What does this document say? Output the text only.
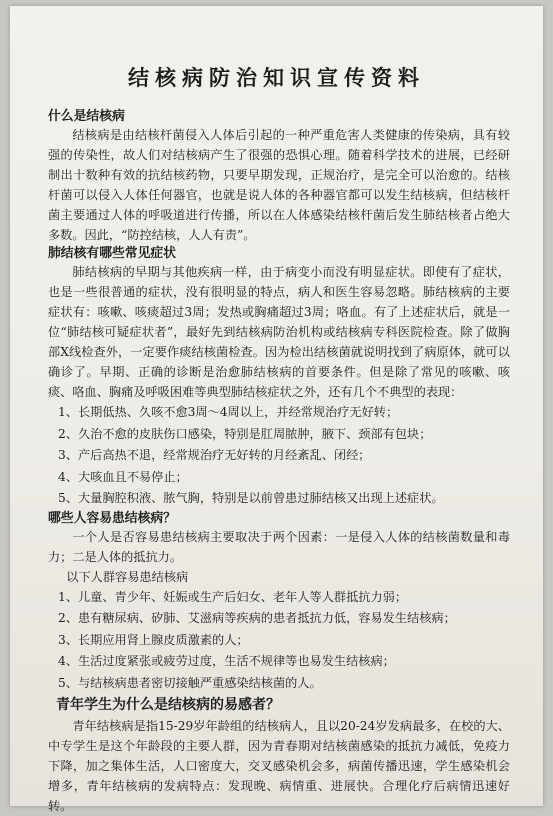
结核病防治知识宣传资料
什么是结核病

结核病是由结核杆菌侵入人体后引起的一种严重危害人类健康的传染病，具有较强的传染性，故人们对结核病产生了很强的恐惧心理。随着科学技术的进展，已经研制出十数种有效的抗结核药物，只要早期发现，正规治疗，是完全可以治愈的。结核杆菌可以侵入人体任何器官，也就是说人体的各种器官都可以发生结核病，但结核杆菌主要通过人体的呼吸道进行传播，所以在人体感染结核杆菌后发生肺结核者占绝大多数。因此，“防控结核，人人有责”。

肺结核有哪些常见症状

肺结核病的早期与其他疾病一样，由于病变小而没有明显症状。即使有了症状，也是一些很普通的症状，没有很明显的特点，病人和医生容易忽略。肺结核病的主要症状有：咳嗽、咳痰超过3周；发热或胸痛超过3周；咯血。有了上述症状后，就是一位“肺结核可疑症状者”，最好先到结核病防治机构或结核病专科医院检查。除了做胸部X线检查外，一定要作痰结核菌检查。因为检出结核菌就说明找到了病原体，就可以确诊了。早期、正确的诊断是治愈肺结核病的首要条件。但是除了常见的咳嗽、咳痰、咯血、胸痛及呼吸困难等典型肺结核症状之外，还有几个不典型的表现：

1、长期低热、久咳不愈3周～4周以上，并经常规治疗无好转；
2、久治不愈的皮肤伤口感染，特别是肛周脓肿，腋下、颈部有包块；
3、产后高热不退，经常规治疗无好转的月经紊乱、闭经；
4、大咳血且不易停止；
5、大量胸腔积液、脓气胸，特别是以前曾患过肺结核又出现上述症状。
哪些人容易患结核病？

一个人是否容易患结核病主要取决于两个因素：一是侵入人体的结核菌数量和毒力；二是人体的抵抗力。

以下人群容易患结核病

1、儿童、青少年、妊娠或生产后妇女、老年人等人群抵抗力弱；
2、患有糖尿病、矽肺、艾滋病等疾病的患者抵抗力低，容易发生结核病；
3、长期应用肾上腺皮质激素的人；
4、生活过度紧张或疲劳过度，生活不规律等也易发生结核病；
5、与结核病患者密切接触严重感染结核菌的人。
青年学生为什么是结核病的易感者？

青年结核病是指15-29岁年龄组的结核病人，且以20-24岁发病最多，在校的大、中专学生是这个年龄段的主要人群，因为青春期对结核菌感染的抵抗力减低，免疫力下降，加之集体生活，人口密度大，交叉感染机会多，病菌传播迅速，学生感染机会增多，青年结核病的发病特点：发现晚、病情重、进展快。合理化疗后病情迅速好转。
